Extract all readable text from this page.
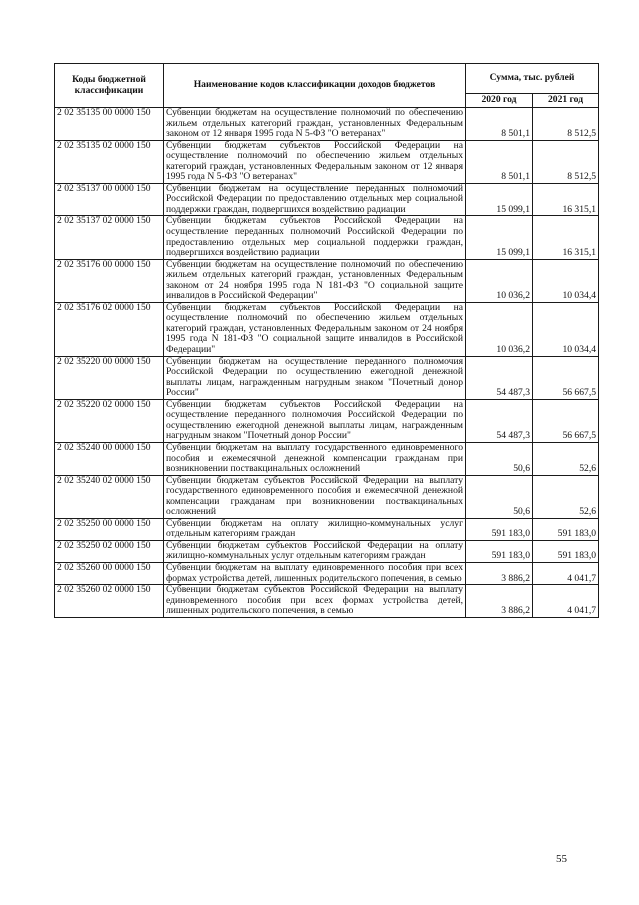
Коды бюджетной классификации	Наименование кодов классификации доходов бюджетов	Сумма, тыс. рублей	
		2020 год	2021 год
2 02 35135 00 0000 150	Субвенции бюджетам на осуществление полномочий по обеспечению жильем отдельных категорий граждан, установленных Федеральным законом от 12 января 1995 года N 5-ФЗ "О ветеранах"	8 501,1	8 512,5
2 02 35135 02 0000 150	Субвенции бюджетам субъектов Российской Федерации на осуществление полномочий по обеспечению жильем отдельных категорий граждан, установленных Федеральным законом от 12 января 1995 года N 5-ФЗ "О ветеранах"	8 501,1	8 512,5
2 02 35137 00 0000 150	Субвенции бюджетам на осуществление переданных полномочий Российской Федерации по предоставлению отдельных мер социальной поддержки граждан, подвергшихся воздействию радиации	15 099,1	16 315,1
2 02 35137 02 0000 150	Субвенции бюджетам субъектов Российской Федерации на осуществление переданных полномочий Российской Федерации по предоставлению отдельных мер социальной поддержки граждан, подвергшихся воздействию радиации	15 099,1	16 315,1
2 02 35176 00 0000 150	Субвенции бюджетам на осуществление полномочий по обеспечению жильем отдельных категорий граждан, установленных Федеральным законом от 24 ноября 1995 года N 181-ФЗ "О социальной защите инвалидов в Российской Федерации"	10 036,2	10 034,4
2 02 35176 02 0000 150	Субвенции бюджетам субъектов Российской Федерации на осуществление полномочий по обеспечению жильем отдельных категорий граждан, установленных Федеральным законом от 24 ноября 1995 года N 181-ФЗ "О социальной защите инвалидов в Российской Федерации"	10 036,2	10 034,4
2 02 35220 00 0000 150	Субвенции бюджетам на осуществление переданного полномочия Российской Федерации по осуществлению ежегодной денежной выплаты лицам, награжденным нагрудным знаком "Почетный донор России"	54 487,3	56 667,5
2 02 35220 02 0000 150	Субвенции бюджетам субъектов Российской Федерации на осуществление переданного полномочия Российской Федерации по осуществлению ежегодной денежной выплаты лицам, награжденным нагрудным знаком "Почетный донор России"	54 487,3	56 667,5
2 02 35240 00 0000 150	Субвенции бюджетам на выплату государственного единовременного пособия и ежемесячной денежной компенсации гражданам при возникновении поствакцинальных осложнений	50,6	52,6
2 02 35240 02 0000 150	Субвенции бюджетам субъектов Российской Федерации на выплату государственного единовременного пособия и ежемесячной денежной компенсации гражданам при возникновении поствакцинальных осложнений	50,6	52,6
2 02 35250 00 0000 150	Субвенции бюджетам на оплату жилищно-коммунальных услуг отдельным категориям граждан	591 183,0	591 183,0
2 02 35250 02 0000 150	Субвенции бюджетам субъектов Российской Федерации на оплату жилищно-коммунальных услуг отдельным категориям граждан	591 183,0	591 183,0
2 02 35260 00 0000 150	Субвенции бюджетам на выплату единовременного пособия при всех формах устройства детей, лишенных родительского попечения, в семью	3 886,2	4 041,7
2 02 35260 02 0000 150	Субвенции бюджетам субъектов Российской Федерации на выплату единовременного пособия при всех формах устройства детей, лишенных родительского попечения, в семью	3 886,2	4 041,7
55
